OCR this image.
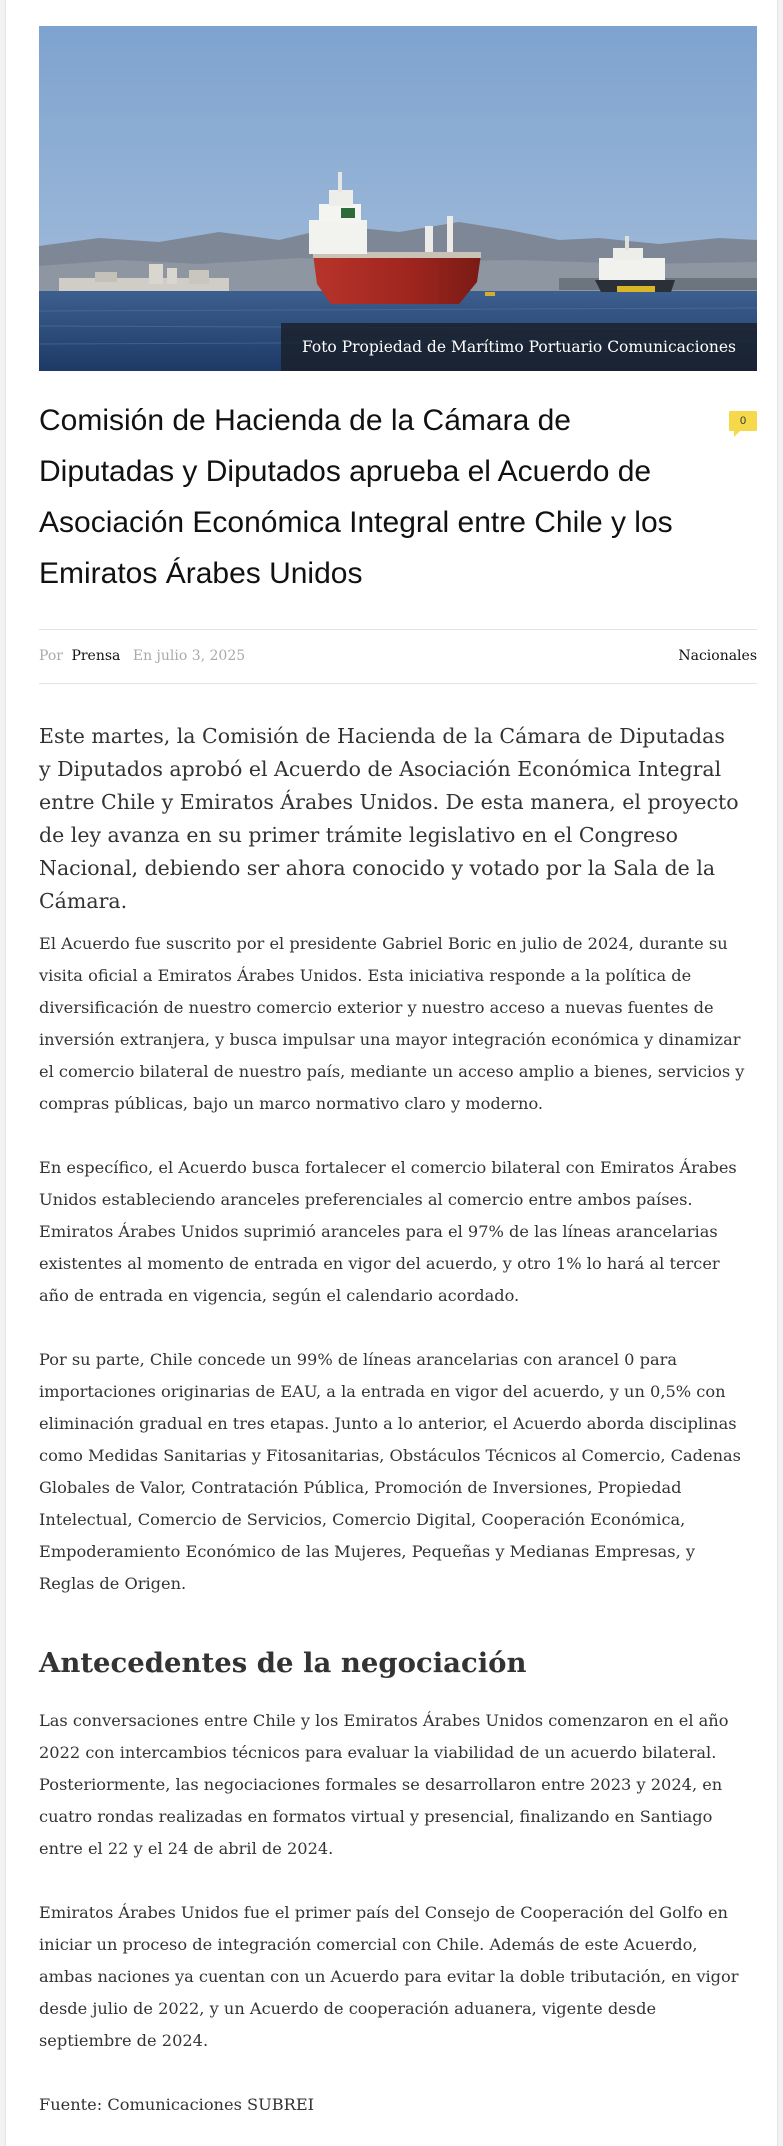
Foto Propiedad de Marítimo Portuario Comunicaciones
Comisión de Hacienda de la Cámara de Diputadas y Diputados aprueba el Acuerdo de Asociación Económica Integral entre Chile y los Emiratos Árabes Unidos
0
Por Prensa En julio 3, 2025	Nacionales

Este martes, la Comisión de Hacienda de la Cámara de Diputadas y Diputados aprobó el Acuerdo de Asociación Económica Integral entre Chile y Emiratos Árabes Unidos. De esta manera, el proyecto de ley avanza en su primer trámite legislativo en el Congreso Nacional, debiendo ser ahora conocido y votado por la Sala de la Cámara.

El Acuerdo fue suscrito por el presidente Gabriel Boric en julio de 2024, durante su visita oficial a Emiratos Árabes Unidos. Esta iniciativa responde a la política de diversificación de nuestro comercio exterior y nuestro acceso a nuevas fuentes de inversión extranjera, y busca impulsar una mayor integración económica y dinamizar el comercio bilateral de nuestro país, mediante un acceso amplio a bienes, servicios y compras públicas, bajo un marco normativo claro y moderno.

En específico, el Acuerdo busca fortalecer el comercio bilateral con Emiratos Árabes Unidos estableciendo aranceles preferenciales al comercio entre ambos países. Emiratos Árabes Unidos suprimió aranceles para el 97% de las líneas arancelarias existentes al momento de entrada en vigor del acuerdo, y otro 1% lo hará al tercer año de entrada en vigencia, según el calendario acordado.

Por su parte, Chile concede un 99% de líneas arancelarias con arancel 0 para importaciones originarias de EAU, a la entrada en vigor del acuerdo, y un 0,5% con eliminación gradual en tres etapas. Junto a lo anterior, el Acuerdo aborda disciplinas como Medidas Sanitarias y Fitosanitarias, Obstáculos Técnicos al Comercio, Cadenas Globales de Valor, Contratación Pública, Promoción de Inversiones, Propiedad Intelectual, Comercio de Servicios, Comercio Digital, Cooperación Económica, Empoderamiento Económico de las Mujeres, Pequeñas y Medianas Empresas, y Reglas de Origen.

Antecedentes de la negociación

Las conversaciones entre Chile y los Emiratos Árabes Unidos comenzaron en el año 2022 con intercambios técnicos para evaluar la viabilidad de un acuerdo bilateral. Posteriormente, las negociaciones formales se desarrollaron entre 2023 y 2024, en cuatro rondas realizadas en formatos virtual y presencial, finalizando en Santiago entre el 22 y el 24 de abril de 2024.

Emiratos Árabes Unidos fue el primer país del Consejo de Cooperación del Golfo en iniciar un proceso de integración comercial con Chile. Además de este Acuerdo, ambas naciones ya cuentan con un Acuerdo para evitar la doble tributación, en vigor desde julio de 2022, y un Acuerdo de cooperación aduanera, vigente desde septiembre de 2024.

Fuente: Comunicaciones SUBREI
